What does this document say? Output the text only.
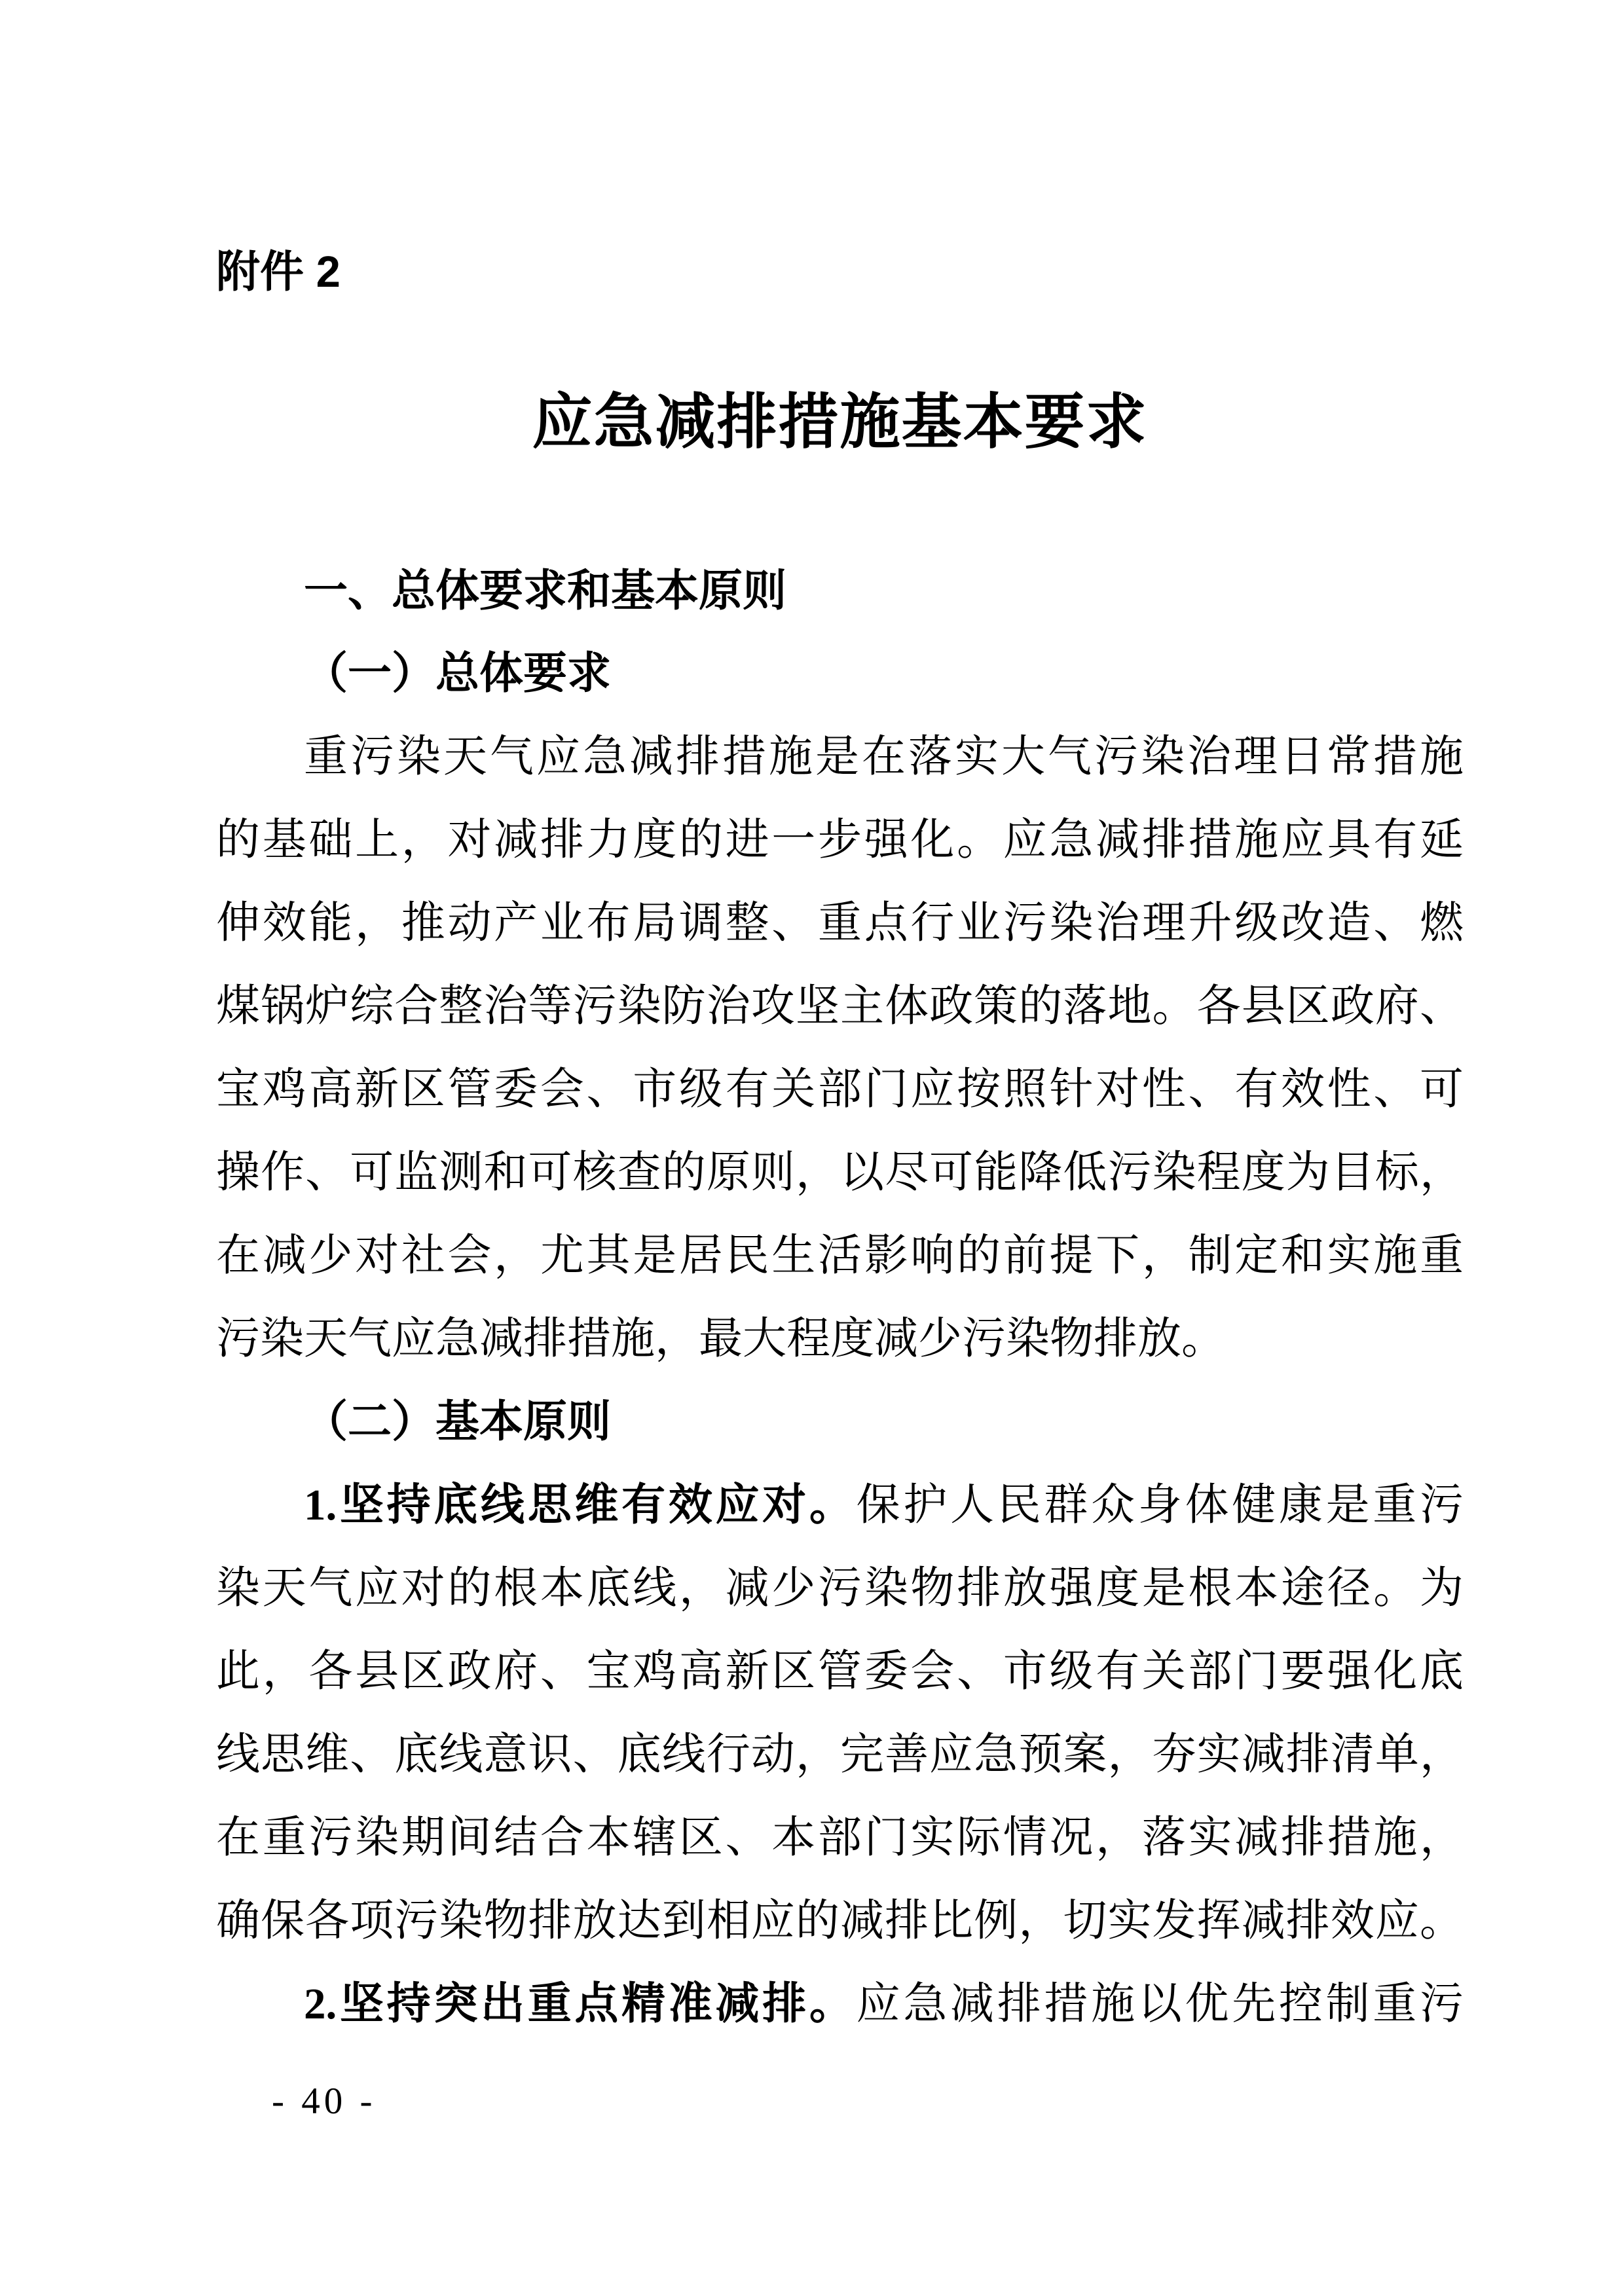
附件 2
应急减排措施基本要求
一、总体要求和基本原则
（一）总体要求
重污染天气应急减排措施是在落实大气污染治理日常措施
的基础上，对减排力度的进一步强化。应急减排措施应具有延
伸效能，推动产业布局调整、重点行业污染治理升级改造、燃
煤锅炉综合整治等污染防治攻坚主体政策的落地。各县区政府、
宝鸡高新区管委会、市级有关部门应按照针对性、有效性、可
操作、可监测和可核查的原则，以尽可能降低污染程度为目标，
在减少对社会，尤其是居民生活影响的前提下，制定和实施重
污染天气应急减排措施，最大程度减少污染物排放。
（二）基本原则
1.坚持底线思维有效应对。保护人民群众身体健康是重污
染天气应对的根本底线，减少污染物排放强度是根本途径。为
此，各县区政府、宝鸡高新区管委会、市级有关部门要强化底
线思维、底线意识、底线行动，完善应急预案，夯实减排清单，
在重污染期间结合本辖区、本部门实际情况，落实减排措施，
确保各项污染物排放达到相应的减排比例，切实发挥减排效应。
2.坚持突出重点精准减排。应急减排措施以优先控制重污
- 40 -
